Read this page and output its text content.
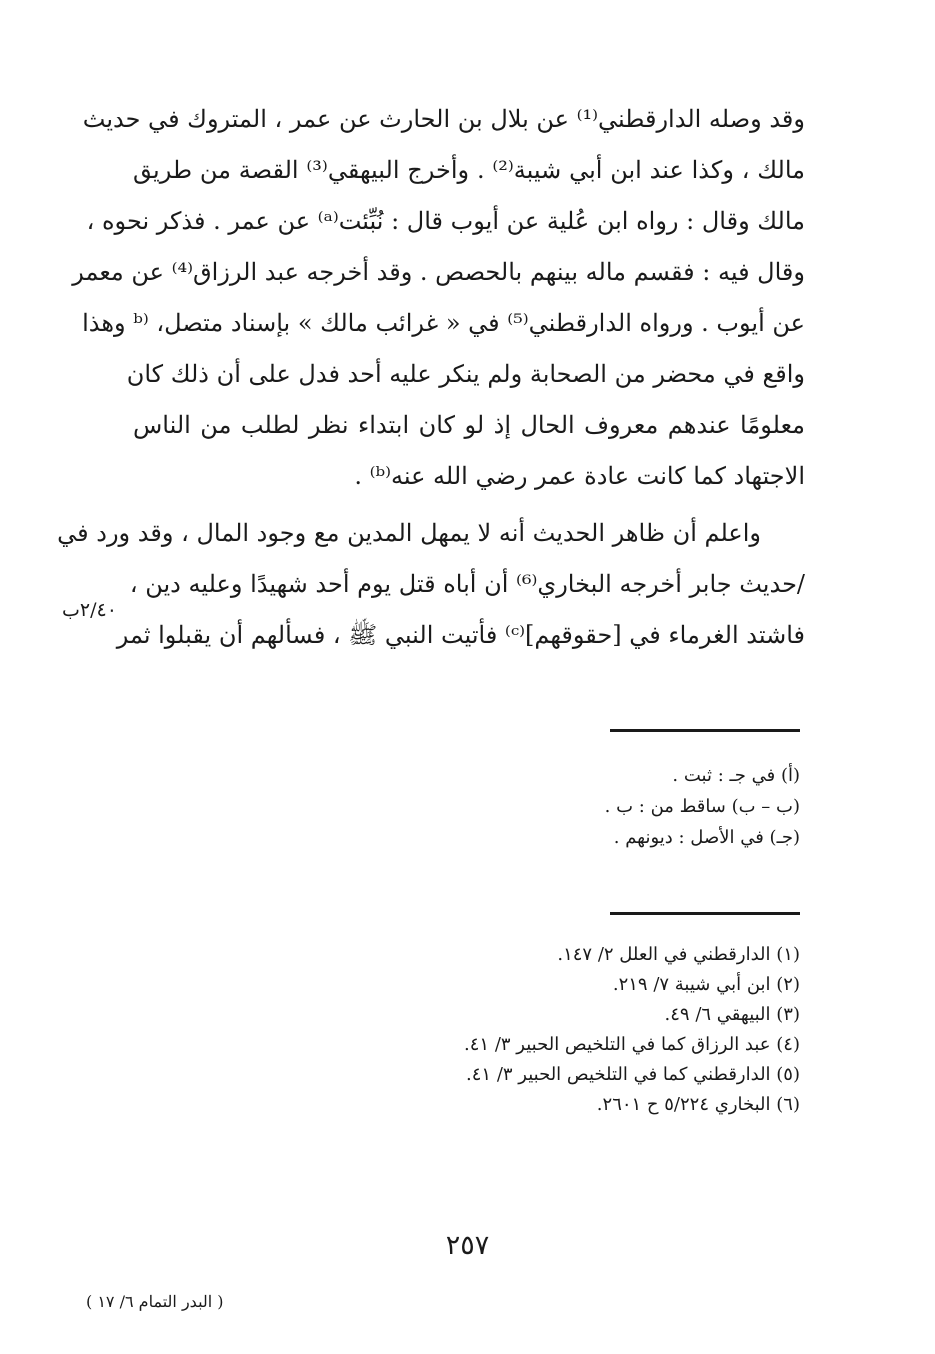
وقد وصله الدارقطني⁽¹⁾ عن بلال بن الحارث عن عمر ، المتروك في حديث
مالك ، وكذا عند ابن أبي شيبة⁽²⁾ . وأخرج البيهقي⁽³⁾ القصة من طريق
مالك وقال : رواه ابن عُلية عن أيوب قال : نُبِّئت⁽ᵃ⁾ عن عمر . فذكر نحوه ،
وقال فيه : فقسم ماله بينهم بالحصص . وقد أخرجه عبد الرزاق⁽⁴⁾ عن معمر
عن أيوب . ورواه الدارقطني⁽⁵⁾ في « غرائب مالك » بإسناد متصل، ⁽ᵇ وهذا
واقع في محضر من الصحابة ولم ينكر عليه أحد فدل على أن ذلك كان
معلومًا عندهم معروف الحال إذ لو كان ابتداء نظر لطلب من الناس
الاجتهاد كما كانت عادة عمر رضي الله عنه⁽ᵇ⁾ .
واعلم أن ظاهر الحديث أنه لا يمهل المدين مع وجود المال ، وقد ورد في
/حديث جابر أخرجه البخاري⁽⁶⁾ أن أباه قتل يوم أحد شهيدًا وعليه دين ،
فاشتد الغرماء في [حقوقهم]⁽ᶜ⁾ فأتيت النبي ﷺ ، فسألهم أن يقبلوا ثمر
٢/٤٠ب
(أ) في جـ : ثبت .
(ب – ب) ساقط من : ب .
(جـ) في الأصل : ديونهم .
(١) الدارقطني في العلل ٢/ ١٤٧.
(٢) ابن أبي شيبة ٧/ ٢١٩.
(٣) البيهقي ٦/ ٤٩.
(٤) عبد الرزاق كما في التلخيص الحبير ٣/ ٤١.
(٥) الدارقطني كما في التلخيص الحبير ٣/ ٤١.
(٦) البخاري ٥/٢٢٤ ح ٢٦٠١.
٢٥٧
( البدر التمام ٦/ ١٧ )
